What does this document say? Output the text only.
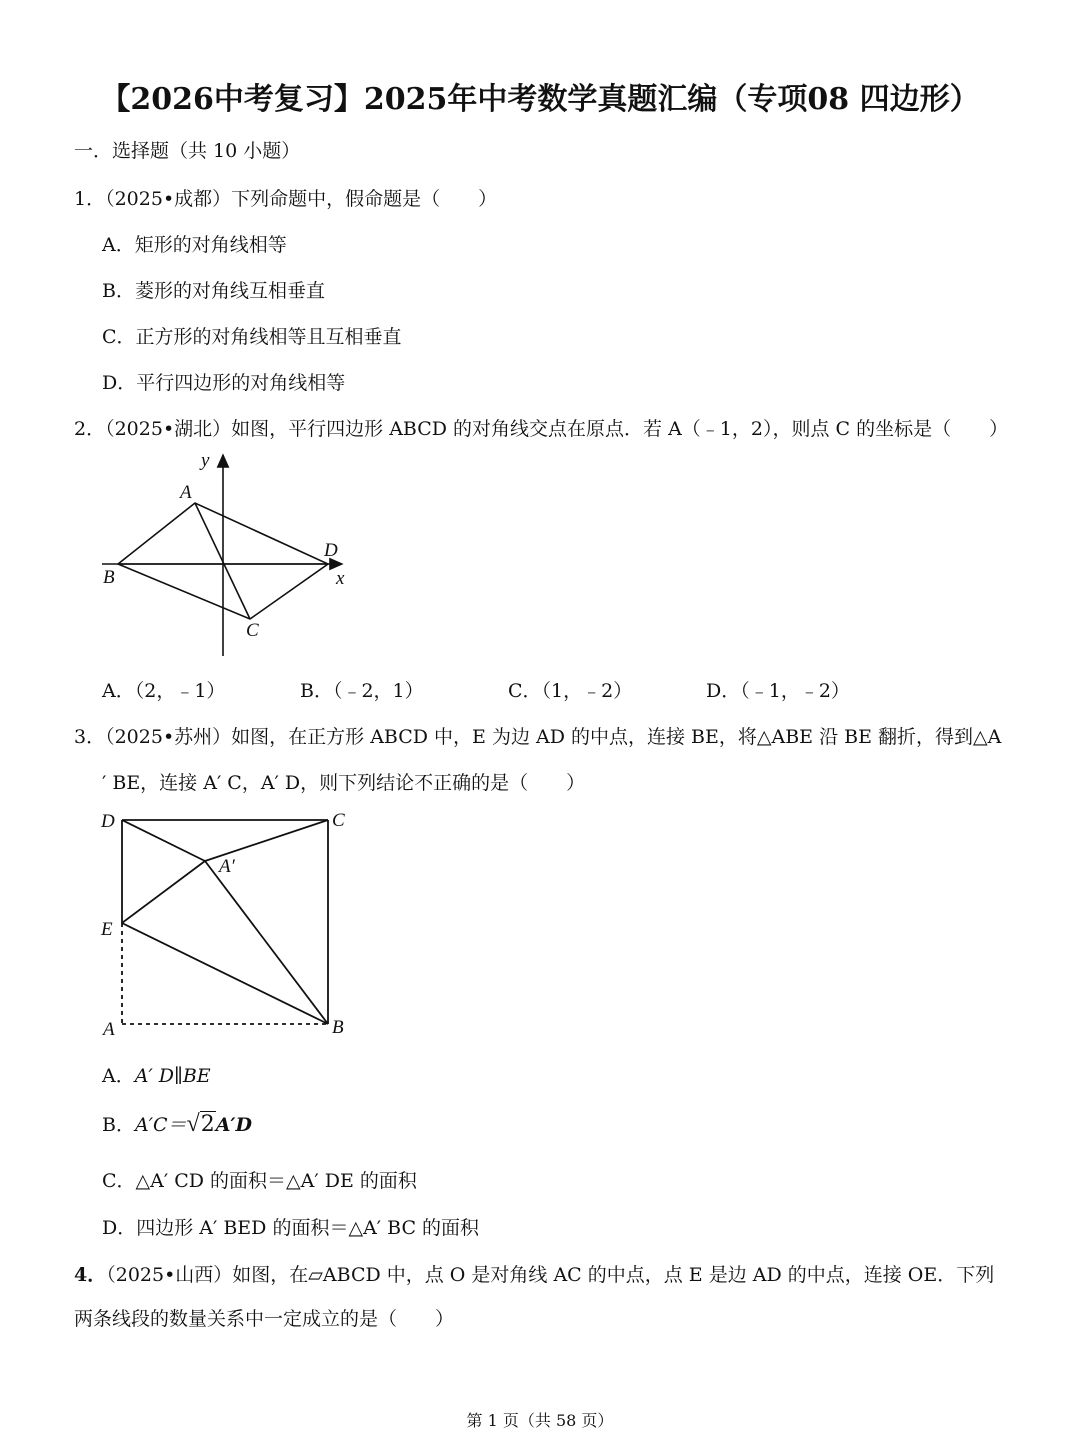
【2026中考复习】2025年中考数学真题汇编（专项08 四边形）
一．选择题（共 10 小题）
1．（2025•成都）下列命题中，假命题是（　　）
A．矩形的对角线相等
B．菱形的对角线互相垂直
C．正方形的对角线相等且互相垂直
D．平行四边形的对角线相等
2．（2025•湖北）如图，平行四边形 ABCD 的对角线交点在原点．若 A（﹣1，2），则点 C 的坐标是（　　）
y
x
A
B
C
D
D	C
A′
E
A	B
A．（2，﹣1）	B．（﹣2，1）	C．（1，﹣2）	D．（﹣1，﹣2）
3．（2025•苏州）如图，在正方形 ABCD 中，E 为边 AD 的中点，连接 BE，将△ABE 沿 BE 翻折，得到△A
′ BE，连接 A′ C，A′ D，则下列结论不正确的是（　　）
A．A′ D∥BE
B．A′C＝√2A′D
C．△A′ CD 的面积＝△A′ DE 的面积
D．四边形 A′ BED 的面积＝△A′ BC 的面积
4．（2025•山西）如图，在▱ABCD 中，点 O 是对角线 AC 的中点，点 E 是边 AD 的中点，连接 OE．下列
两条线段的数量关系中一定成立的是（　　）
第 1 页（共 58 页）
